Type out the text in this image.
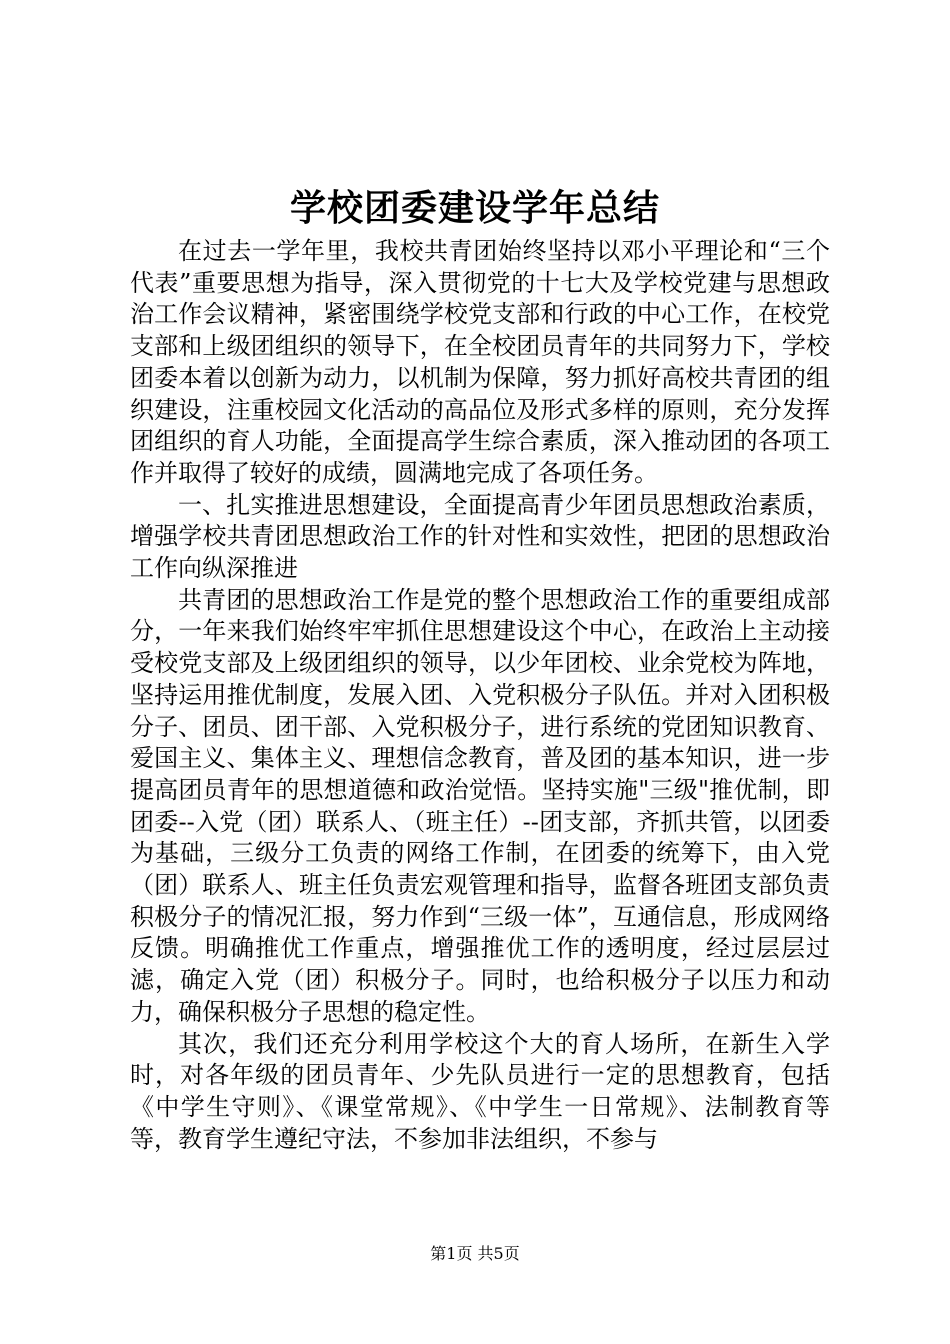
学校团委建设学年总结

在过去一学年里，我校共青团始终坚持以邓小平理论和“三个代表”重要思想为指导，深入贯彻党的十七大及学校党建与思想政治工作会议精神，紧密围绕学校党支部和行政的中心工作，在校党支部和上级团组织的领导下，在全校团员青年的共同努力下，学校团委本着以创新为动力，以机制为保障，努力抓好高校共青团的组织建设，注重校园文化活动的高品位及形式多样的原则，充分发挥团组织的育人功能，全面提高学生综合素质，深入推动团的各项工作并取得了较好的成绩，圆满地完成了各项任务。

一、扎实推进思想建设，全面提高青少年团员思想政治素质，增强学校共青团思想政治工作的针对性和实效性，把团的思想政治工作向纵深推进

共青团的思想政治工作是党的整个思想政治工作的重要组成部分，一年来我们始终牢牢抓住思想建设这个中心，在政治上主动接受校党支部及上级团组织的领导，以少年团校、业余党校为阵地，坚持运用推优制度，发展入团、入党积极分子队伍。并对入团积极分子、团员、团干部、入党积极分子，进行系统的党团知识教育、爱国主义、集体主义、理想信念教育，普及团的基本知识，进一步提高团员青年的思想道德和政治觉悟。坚持实施"三级"推优制，即团委--入党（团）联系人、（班主任）--团支部，齐抓共管，以团委为基础，三级分工负责的网络工作制，在团委的统筹下，由入党（团）联系人、班主任负责宏观管理和指导，监督各班团支部负责积极分子的情况汇报，努力作到“三级一体”，互通信息，形成网络反馈。明确推优工作重点，增强推优工作的透明度，经过层层过滤，确定入党（团）积极分子。同时，也给积极分子以压力和动力，确保积极分子思想的稳定性。

其次，我们还充分利用学校这个大的育人场所，在新生入学时，对各年级的团员青年、少先队员进行一定的思想教育，包括《中学生守则》、《课堂常规》、《中学生一日常规》、法制教育等等，教育学生遵纪守法，不参加非法组织，不参与

第1页 共5页
